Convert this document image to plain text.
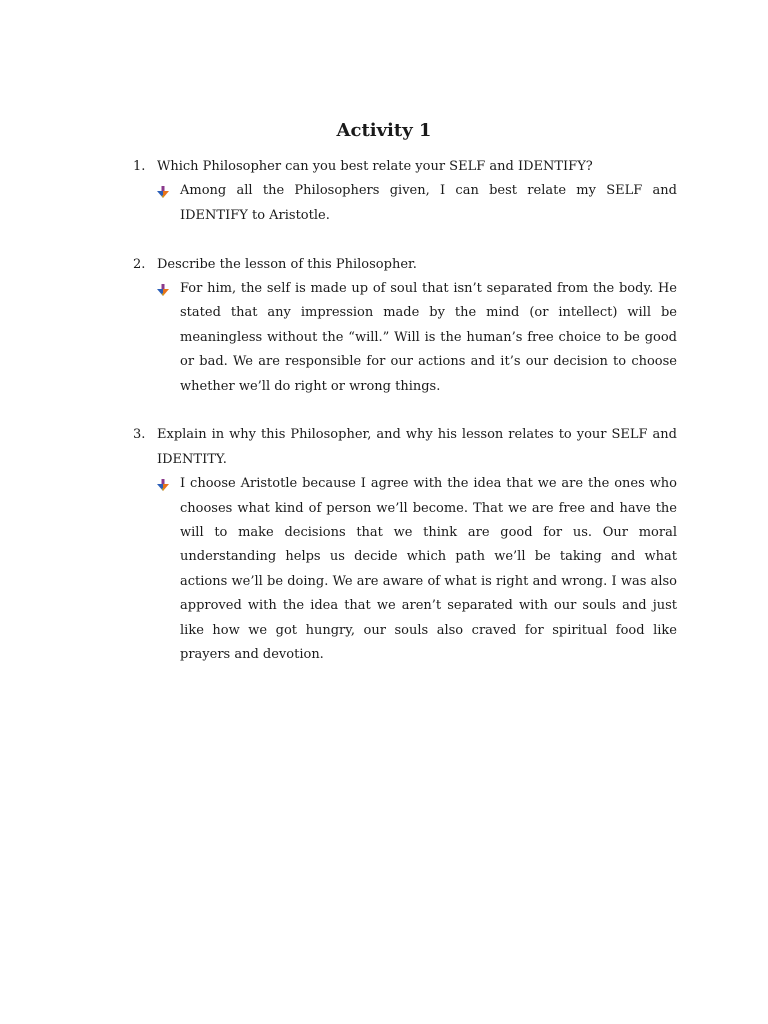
Activity 1
1. Which Philosopher can you best relate your SELF and IDENTIFY?
Among all the Philosophers given, I can best relate my SELF and IDENTIFY to Aristotle.
2. Describe the lesson of this Philosopher.
For him, the self is made up of soul that isn’t separated from the body. He stated that any impression made by the mind (or intellect) will be meaningless without the “will.” Will is the human’s free choice to be good or bad. We are responsible for our actions and it’s our decision to choose whether we’ll do right or wrong things.
3. Explain in why this Philosopher, and why his lesson relates to your SELF and IDENTITY.
I choose Aristotle because I agree with the idea that we are the ones who chooses what kind of person we’ll become. That we are free and have the will to make decisions that we think are good for us. Our moral understanding helps us decide which path we’ll be taking and what actions we’ll be doing. We are aware of what is right and wrong. I was also approved with the idea that we aren’t separated with our souls and just like how we got hungry, our souls also craved for spiritual food like prayers and devotion.
